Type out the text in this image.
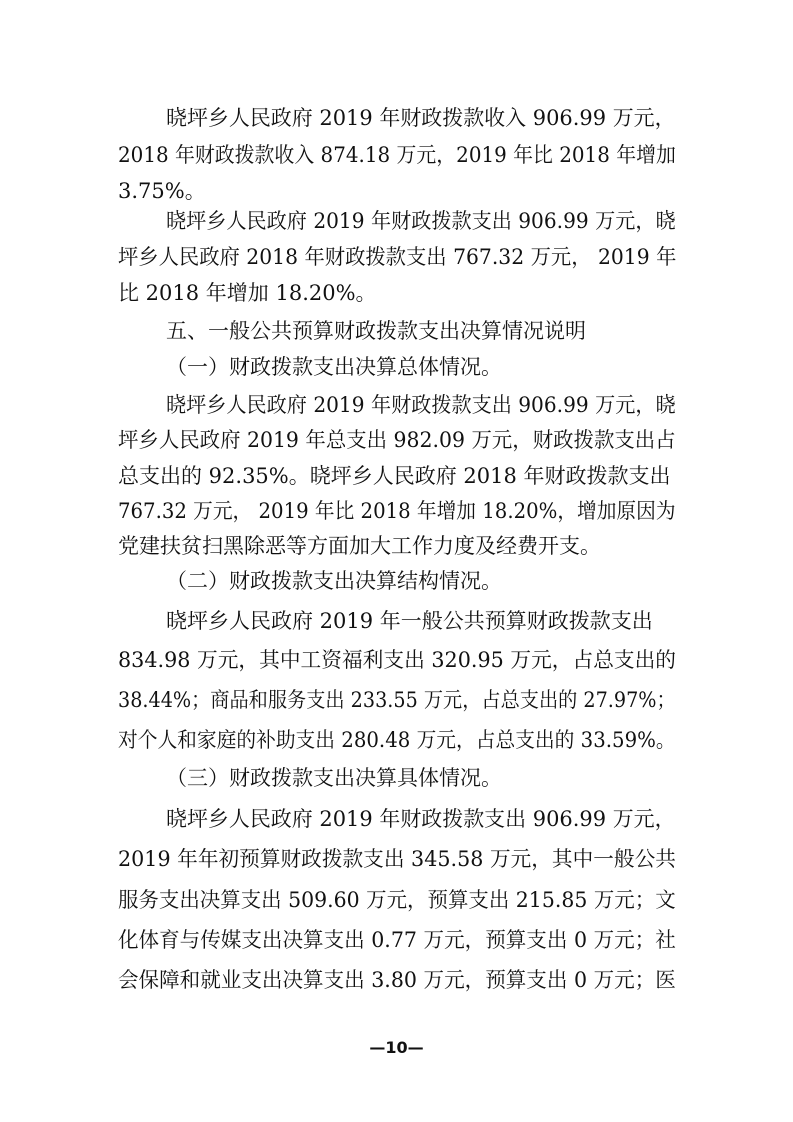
晓坪乡人民政府 2019 年财政拨款收入 906.99 万元，
2018 年财政拨款收入 874.18 万元，2019 年比 2018 年增加
3.75%。
晓坪乡人民政府 2019 年财政拨款支出 906.99 万元，晓
坪乡人民政府 2018 年财政拨款支出 767.32 万元， 2019 年
比 2018 年增加 18.20%。
五、一般公共预算财政拨款支出决算情况说明
（一）财政拨款支出决算总体情况。
晓坪乡人民政府 2019 年财政拨款支出 906.99 万元，晓
坪乡人民政府 2019 年总支出 982.09 万元，财政拨款支出占
总支出的 92.35%。晓坪乡人民政府 2018 年财政拨款支出
767.32 万元， 2019 年比 2018 年增加 18.20%，增加原因为
党建扶贫扫黑除恶等方面加大工作力度及经费开支。
（二）财政拨款支出决算结构情况。
晓坪乡人民政府 2019 年一般公共预算财政拨款支出
834.98 万元，其中工资福利支出 320.95 万元，占总支出的
38.44%；商品和服务支出 233.55 万元，占总支出的 27.97%；
对个人和家庭的补助支出 280.48 万元，占总支出的 33.59%。
（三）财政拨款支出决算具体情况。
晓坪乡人民政府 2019 年财政拨款支出 906.99 万元，
2019 年年初预算财政拨款支出 345.58 万元，其中一般公共
服务支出决算支出 509.60 万元，预算支出 215.85 万元；文
化体育与传媒支出决算支出 0.77 万元，预算支出 0 万元；社
会保障和就业支出决算支出 3.80 万元，预算支出 0 万元；医
—10—
